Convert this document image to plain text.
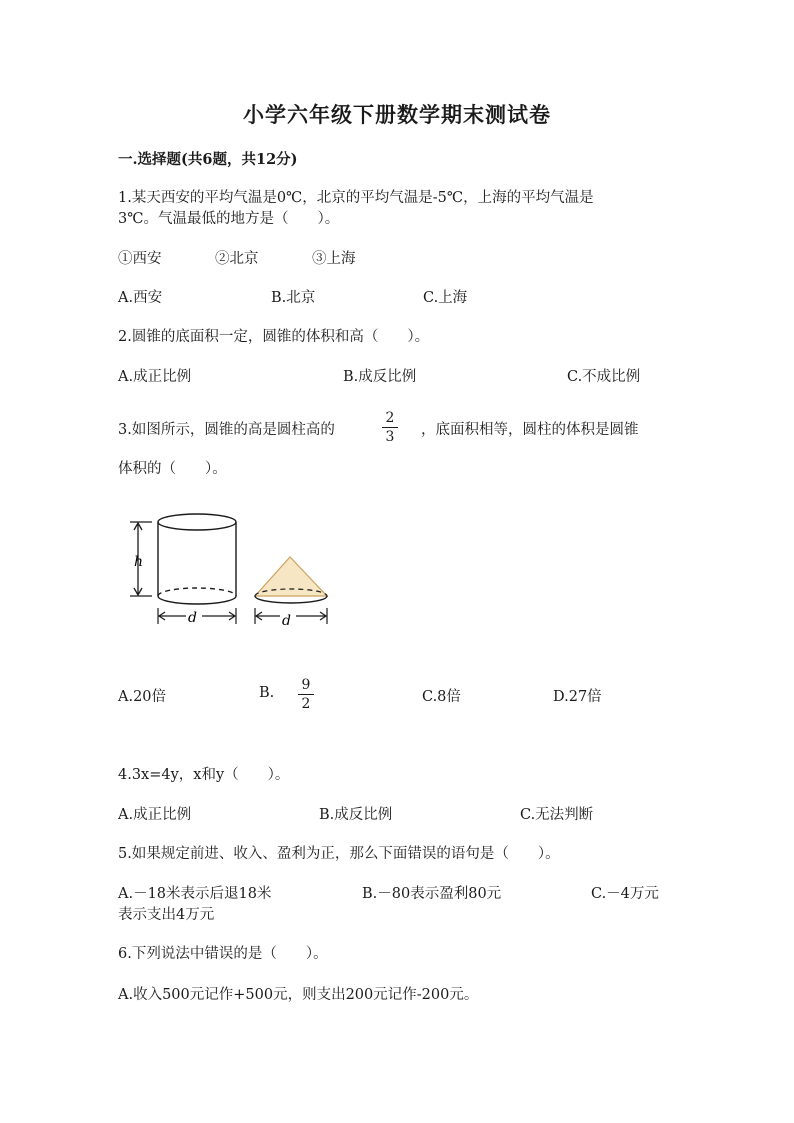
小学六年级下册数学期末测试卷
一.选择题(共6题，共12分)
1.某天西安的平均气温是0℃，北京的平均气温是-5℃，上海的平均气温是
3℃。气温最低的地方是（　　）。
①西安	②北京	③上海
A.西安	B.北京	C.上海
2.圆锥的底面积一定，圆锥的体积和高（　　）。
A.成正比例	B.成反比例	C.不成比例
3.如图所示，圆锥的高是圆柱高的
2
3	，底面积相等，圆柱的体积是圆锥
体积的（　　）。
h
d	d
A.20倍	B.	9
2	C.8倍	D.27倍
4.3x=4y，x和y（　　）。
A.成正比例	B.成反比例	C.无法判断
5.如果规定前进、收入、盈利为正，那么下面错误的语句是（　　）。
A.－18米表示后退18米	B.－80表示盈利80元	C.－4万元
表示支出4万元
6.下列说法中错误的是（　　）。
A.收入500元记作+500元，则支出200元记作-200元。
